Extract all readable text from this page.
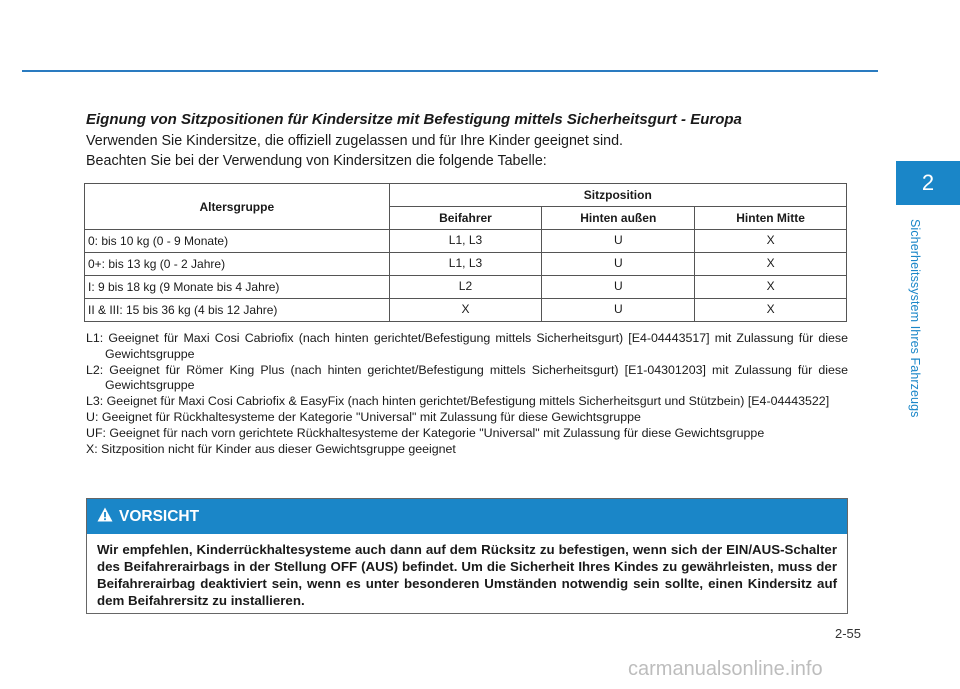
2
Sicherheitssystem Ihres Fahrzeugs
Eignung von Sitzpositionen für Kindersitze mit Befestigung mittels Sicherheitsgurt - Europa
Verwenden Sie Kindersitze, die offiziell zugelassen und für Ihre Kinder geeignet sind.
Beachten Sie bei der Verwendung von Kindersitzen die folgende Tabelle:
Altersgruppe	Sitzposition		
	Beifahrer	Hinten außen	Hinten Mitte
0: bis 10 kg (0 - 9 Monate)	L1, L3	U	X
0+: bis 13 kg (0 - 2 Jahre)	L1, L3	U	X
I: 9 bis 18 kg (9 Monate bis 4 Jahre)	L2	U	X
II & III: 15 bis 36 kg (4 bis 12 Jahre)	X	U	X
L1: Geeignet für Maxi Cosi Cabriofix (nach hinten gerichtet/Befestigung mittels Sicherheitsgurt) [E4-04443517] mit Zulassung für diese Gewichtsgruppe
L2: Geeignet für Römer King Plus (nach hinten gerichtet/Befestigung mittels Sicherheitsgurt) [E1-04301203] mit Zulassung für diese Gewichtsgruppe
L3: Geeignet für Maxi Cosi Cabriofix & EasyFix (nach hinten gerichtet/Befestigung mittels Sicherheitsgurt und Stützbein) [E4-04443522]
U: Geeignet für Rückhaltesysteme der Kategorie "Universal" mit Zulassung für diese Gewichtsgruppe
UF: Geeignet für nach vorn gerichtete Rückhaltesysteme der Kategorie "Universal" mit Zulassung für diese Gewichtsgruppe
X: Sitzposition nicht für Kinder aus dieser Gewichtsgruppe geeignet
VORSICHT
Wir empfehlen, Kinderrückhaltesysteme auch dann auf dem Rücksitz zu befestigen, wenn sich der EIN/AUS-Schalter des Beifahrerairbags in der Stellung OFF (AUS) befindet. Um die Sicherheit Ihres Kindes zu gewährleisten, muss der Beifahrerairbag deaktiviert sein, wenn es unter besonderen Umständen notwendig sein sollte, einen Kindersitz auf dem Beifahrersitz zu installieren.
2-55
carmanualsonline.info
